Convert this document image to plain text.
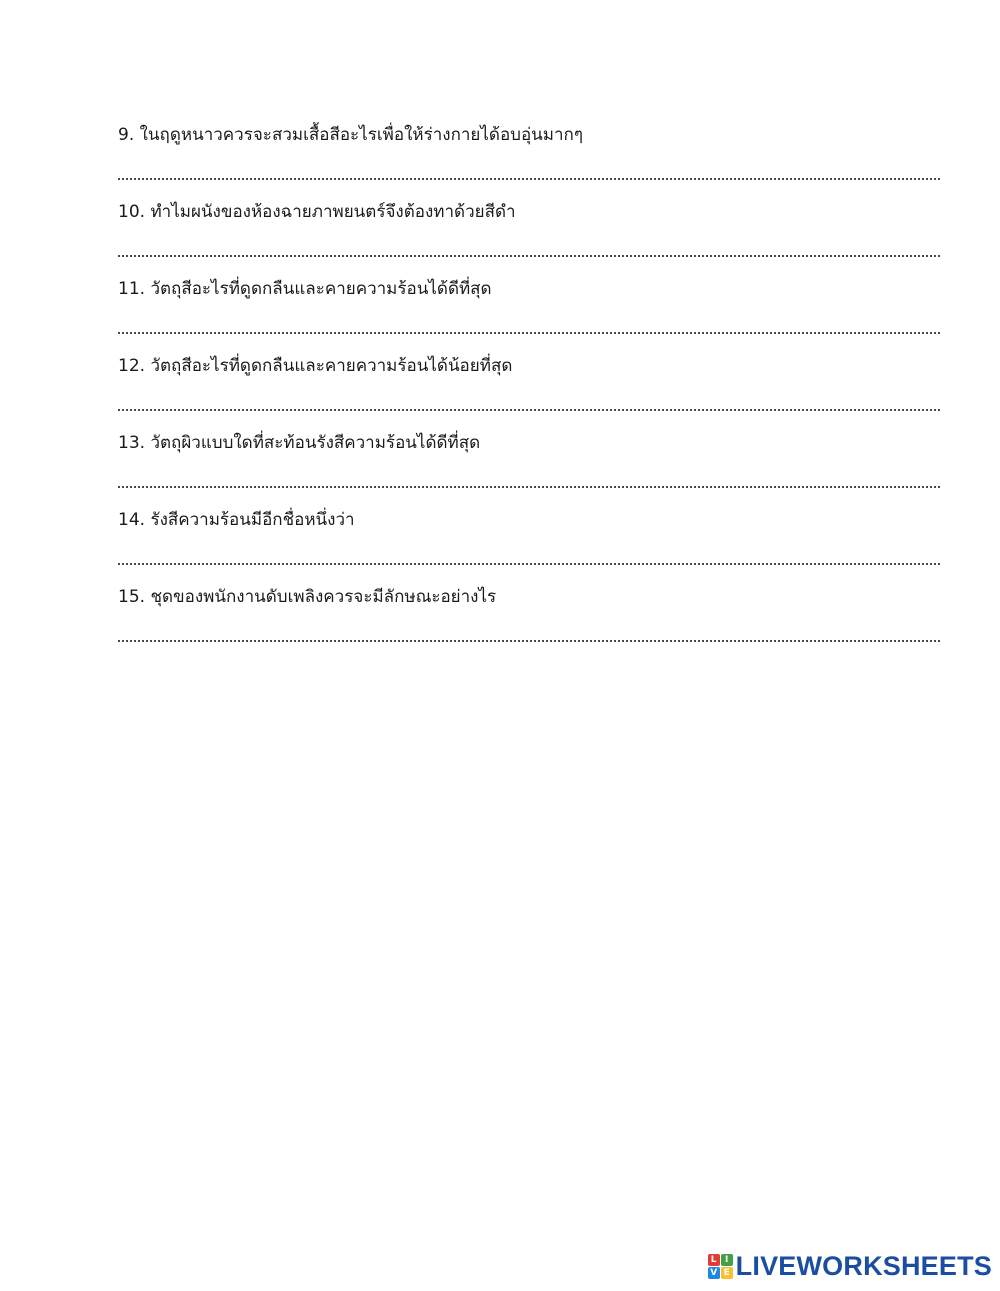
9. ในฤดูหนาวควรจะสวมเสื้อสีอะไรเพื่อให้ร่างกายได้อบอุ่นมากๆ
10. ทำไมผนังของห้องฉายภาพยนตร์จึงต้องทาด้วยสีดำ
11. วัตถุสีอะไรที่ดูดกลืนและคายความร้อนได้ดีที่สุด
12. วัตถุสีอะไรที่ดูดกลืนและคายความร้อนได้น้อยที่สุด
13. วัตถุผิวแบบใดที่สะท้อนรังสีความร้อนได้ดีที่สุด
14. รังสีความร้อนมีอีกชื่อหนึ่งว่า
15. ชุดของพนักงานดับเพลิงควรจะมีลักษณะอย่างไร
L I
V E LIVEWORKSHEETS
